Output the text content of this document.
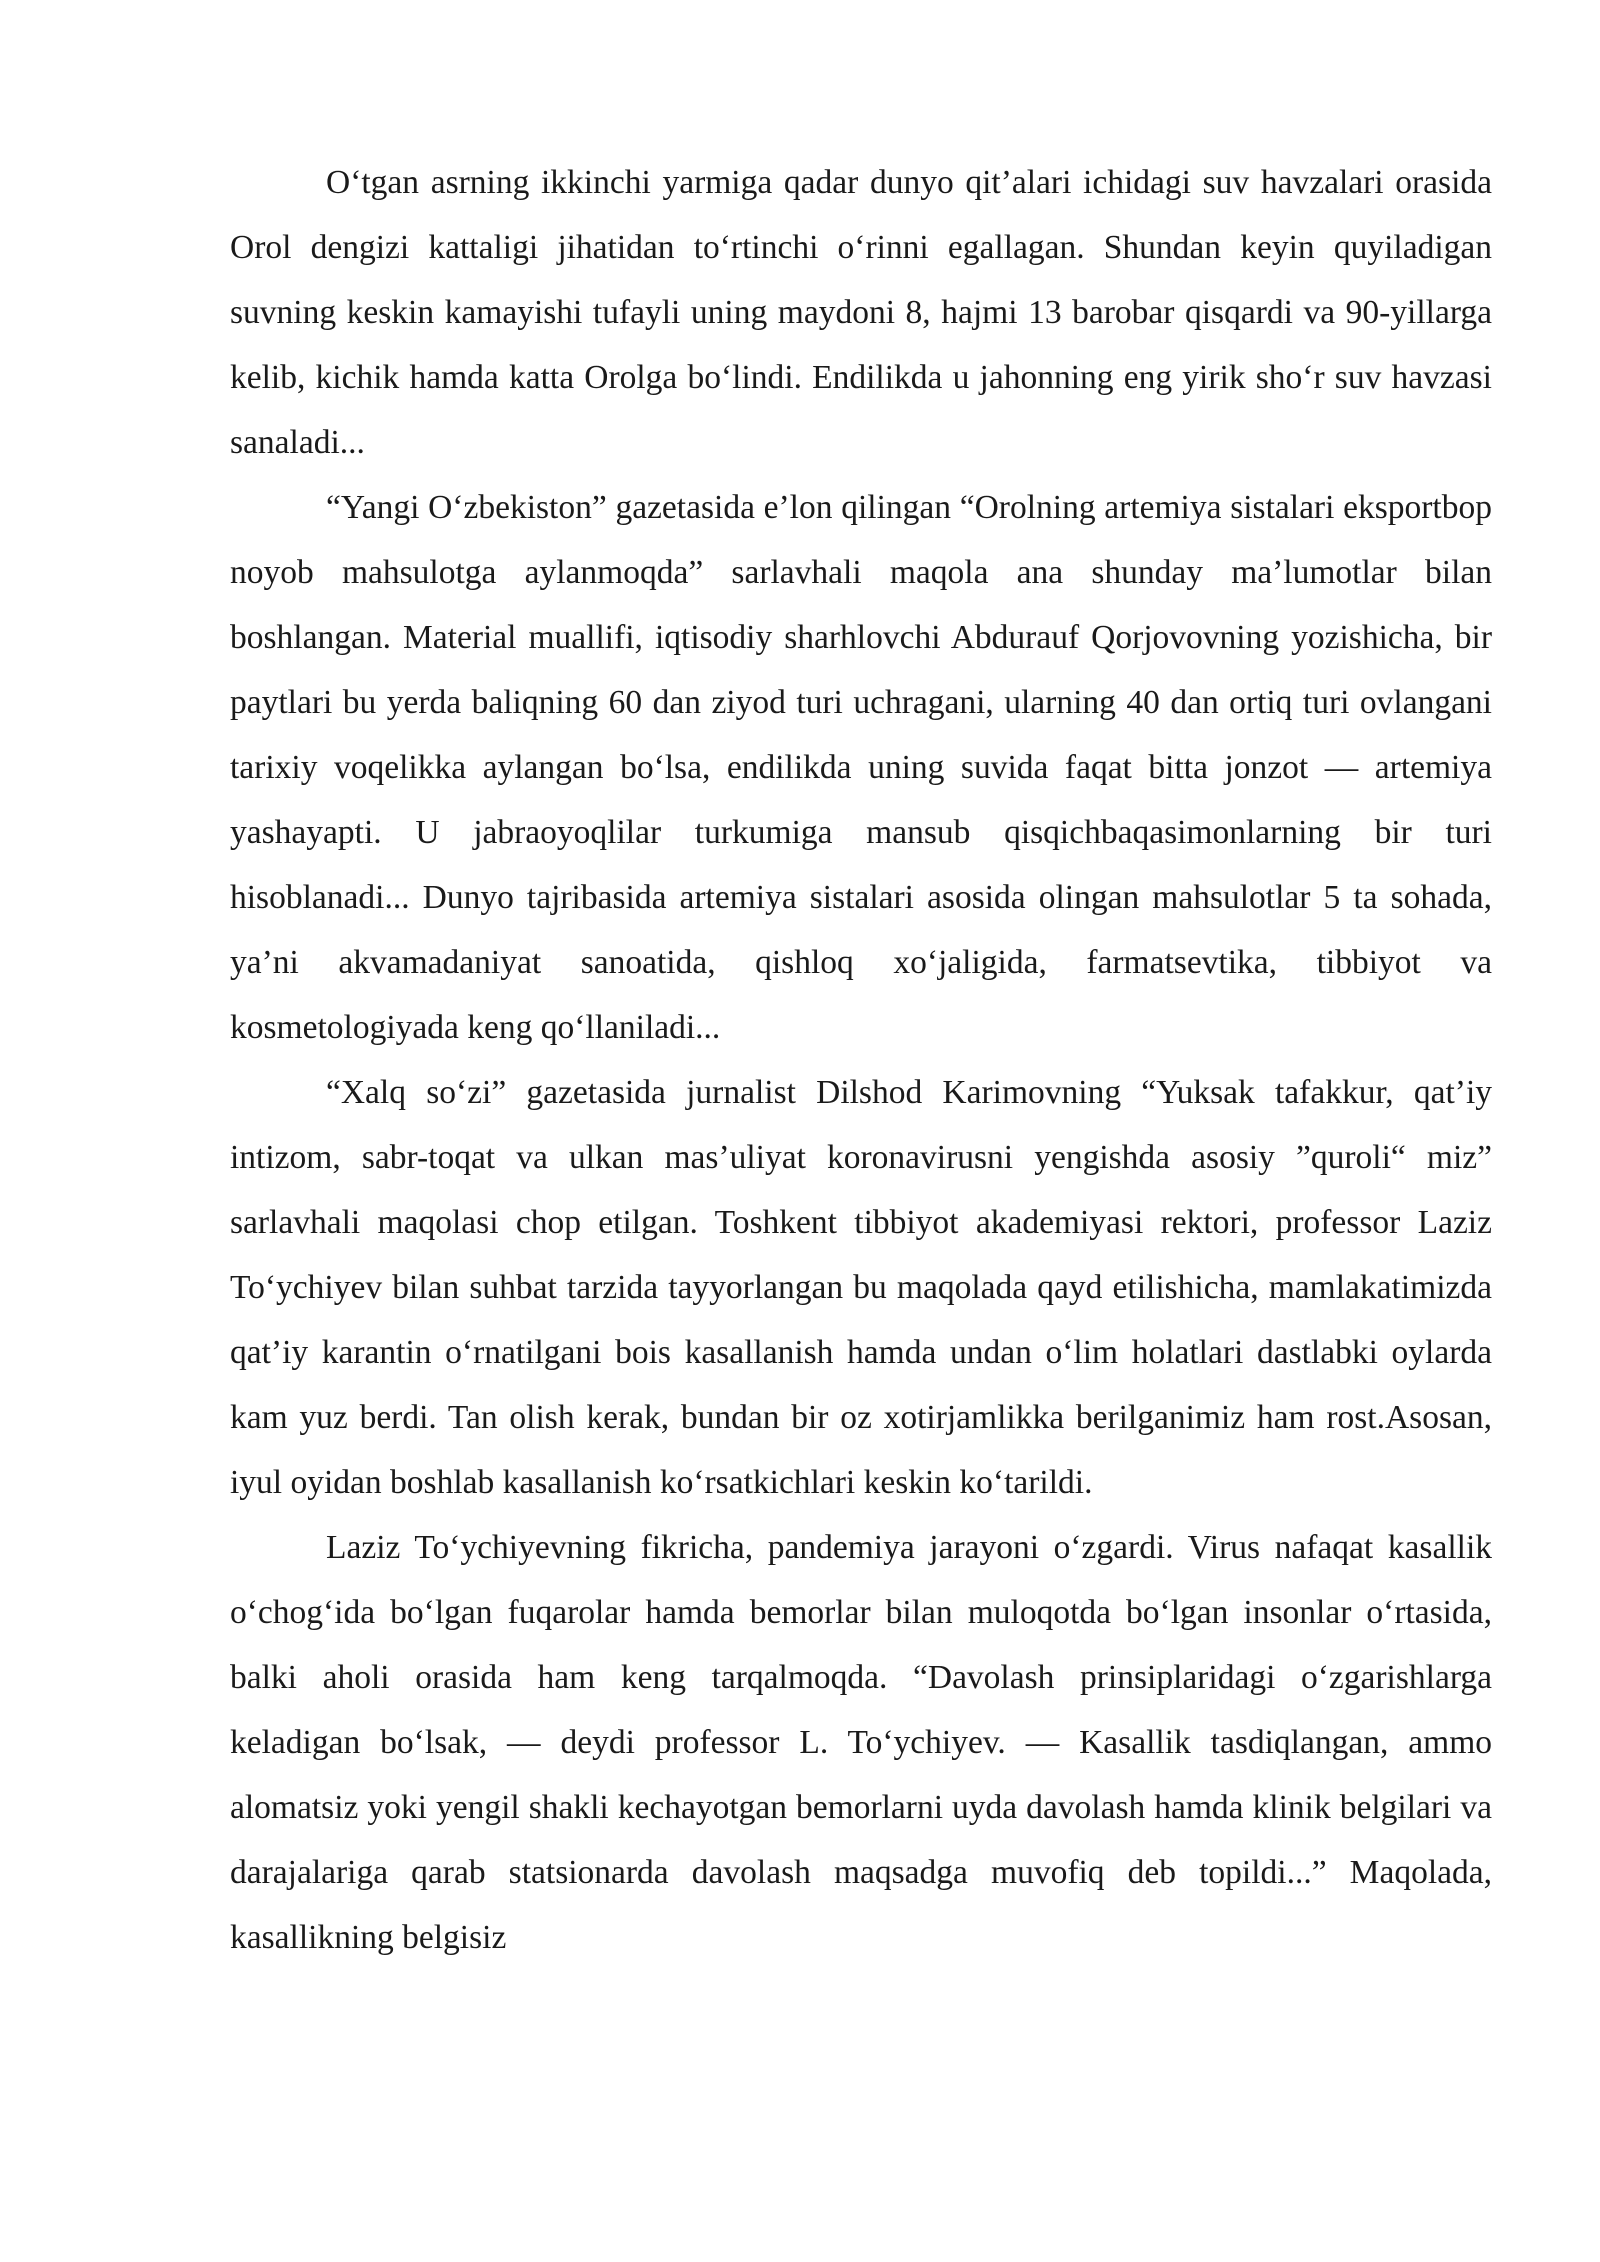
O‘tgan asrning ikkinchi yarmiga qadar dunyo qit’alari ichidagi suv havzalari orasida Orol dengizi kattaligi jihatidan to‘rtinchi o‘rinni egallagan. Shundan keyin quyiladigan suvning keskin kamayishi tufayli uning maydoni 8, hajmi 13 barobar qisqardi va 90-yillarga kelib, kichik hamda katta Orolga bo‘lindi. Endilikda u jahonning eng yirik sho‘r suv havzasi sanaladi...

“Yangi O‘zbekiston” gazetasida e’lon qilingan “Orolning artemiya sistalari eksportbop noyob mahsulotga aylanmoqda” sarlavhali maqola ana shunday ma’lumotlar bilan boshlangan. Material muallifi, iqtisodiy sharhlovchi Abdurauf Qorjovovning yozishicha, bir paytlari bu yerda baliqning 60 dan ziyod turi uchragani, ularning 40 dan ortiq turi ovlangani tarixiy voqelikka aylangan bo‘lsa, endilikda uning suvida faqat bitta jonzot — artemiya yashayapti. U jabraoyoqlilar turkumiga mansub qisqichbaqasimonlarning bir turi hisoblanadi... Dunyo tajribasida artemiya sistalari asosida olingan mahsulotlar 5 ta sohada, ya’ni akvamadaniyat sanoatida, qishloq xo‘jaligida, farmatsevtika, tibbiyot va kosmetologiyada keng qo‘llaniladi...

“Xalq so‘zi” gazetasida jurnalist Dilshod Karimovning “Yuksak tafakkur, qat’iy intizom, sabr-toqat va ulkan mas’uliyat koronavirusni yengishda asosiy ”quroli“ miz” sarlavhali maqolasi chop etilgan. Toshkent tibbiyot akademiyasi rektori, professor Laziz To‘ychiyev bilan suhbat tarzida tayyorlangan bu maqolada qayd etilishicha, mamlakatimizda qat’iy karantin o‘rnatilgani bois kasallanish hamda undan o‘lim holatlari dastlabki oylarda kam yuz berdi. Tan olish kerak, bundan bir oz xotirjamlikka berilganimiz ham rost.Asosan, iyul oyidan boshlab kasallanish ko‘rsatkichlari keskin ko‘tarildi.

Laziz To‘ychiyevning fikricha, pandemiya jarayoni o‘zgardi. Virus nafaqat kasallik o‘chog‘ida bo‘lgan fuqarolar hamda bemorlar bilan muloqotda bo‘lgan insonlar o‘rtasida, balki aholi orasida ham keng tarqalmoqda. “Davolash prinsiplaridagi o‘zgarishlarga keladigan bo‘lsak, — deydi professor L. To‘ychiyev. — Kasallik tasdiqlangan, ammo alomatsiz yoki yengil shakli kechayotgan bemorlarni uyda davolash hamda klinik belgilari va darajalariga qarab statsionarda davolash maqsadga muvofiq deb topildi...” Maqolada, kasallikning belgisiz
